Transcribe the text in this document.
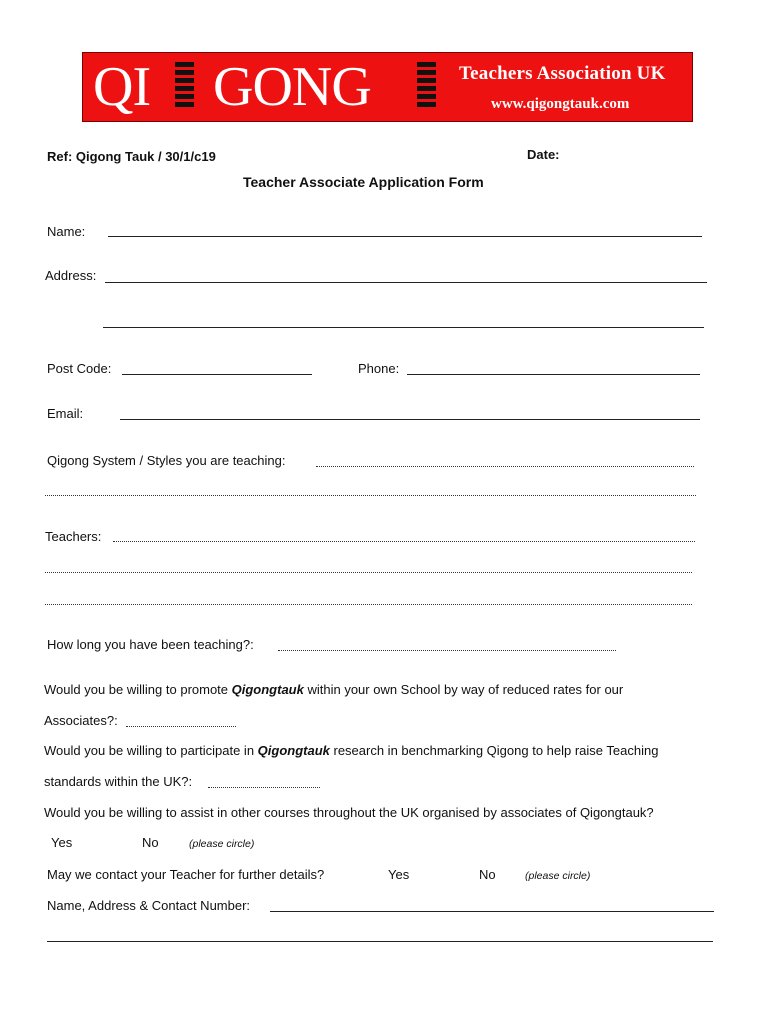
QI GONG	Teachers Association UK
www.qigongtauk.com
Ref: Qigong Tauk / 30/1/c19	Date:
Teacher Associate Application Form
Name:
Address:
Post Code:	Phone:
Email:
Qigong System / Styles you are teaching:
Teachers:
How long you have been teaching?:
Would you be willing to promote Qigongtauk within your own School by way of reduced rates for our
Associates?:
Would you be willing to participate in Qigongtauk research in benchmarking Qigong to help raise Teaching
standards within the UK?:
Would you be willing to assist in other courses throughout the UK organised by associates of Qigongtauk?
Yes	No	(please circle)
May we contact your Teacher for further details?	Yes	No	(please circle)
Name, Address & Contact Number:
